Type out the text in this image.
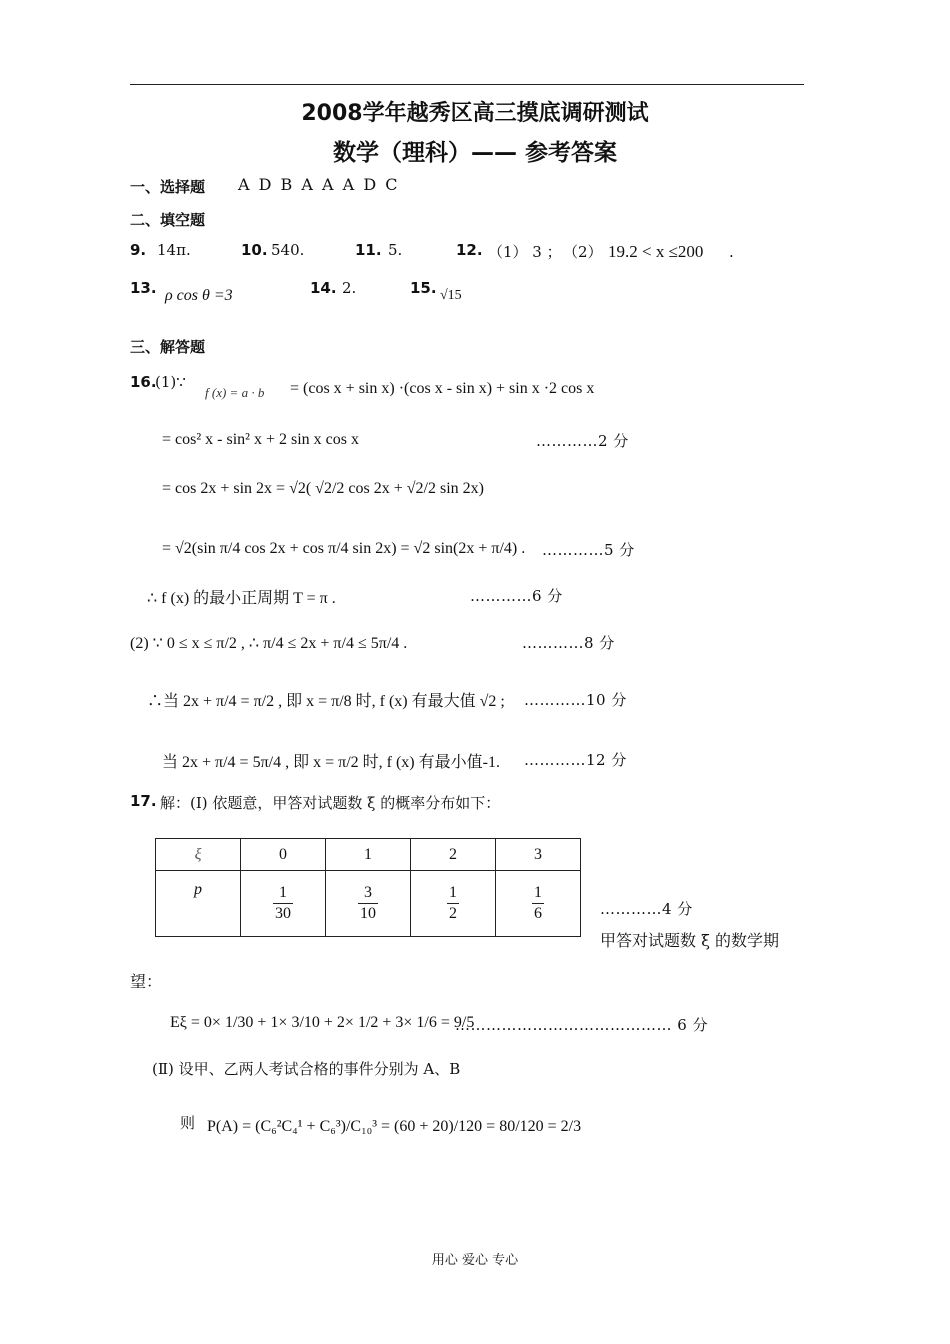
2008学年越秀区高三摸底调研测试
数学（理科）—— 参考答案
一、选择题 A D B A A A D C
二、填空题
9. 14π.	10. 540.	11. 5.	12. （1） 3 ； （2） 19.2 < x ≤200 .
13. ρ cos θ =3	14. 2.	15. √15
三、解答题
16.
(1)∵
f (x) = a · b = (cos x + sin x) ·(cos x - sin x) + sin x ·2 cos x
= cos² x - sin² x + 2 sin x cos x	…………2 分
= cos 2x + sin 2x = √2( √2/2 cos 2x + √2/2 sin 2x)
= √2(sin π/4 cos 2x + cos π/4 sin 2x) = √2 sin(2x + π/4) . …………5 分
∴ f (x) 的最小正周期 T = π .	…………6 分
(2) ∵ 0 ≤ x ≤ π/2 , ∴ π/4 ≤ 2x + π/4 ≤ 5π/4 .	…………8 分
∴当 2x + π/4 = π/2 , 即 x = π/8 时, f (x) 有最大值 √2 ; …………10 分
当 2x + π/4 = 5π/4 , 即 x = π/2 时, f (x) 有最小值-1. …………12 分
17. 解：(Ⅰ) 依题意，甲答对试题数 ξ 的概率分布如下：
ξ	0	1	2	3
p	$\frac{1}{30}$	$\frac{3}{10}$	$\frac{1}{2}$	$\frac{1}{6}$	…………4 分
甲答对试题数 ξ 的数学期
望：
Eξ = 0× 1/30 + 1× 3/10 + 2× 1/2 + 3× 1/6 = 9/5
…………………………………… 6 分
(Ⅱ) 设甲、乙两人考试合格的事件分别为 A、B
则 P(A) = (C₆²C₄¹ + C₆³)/C₁₀³ = (60 + 20)/120 = 80/120 = 2/3
用心 爱心 专心
